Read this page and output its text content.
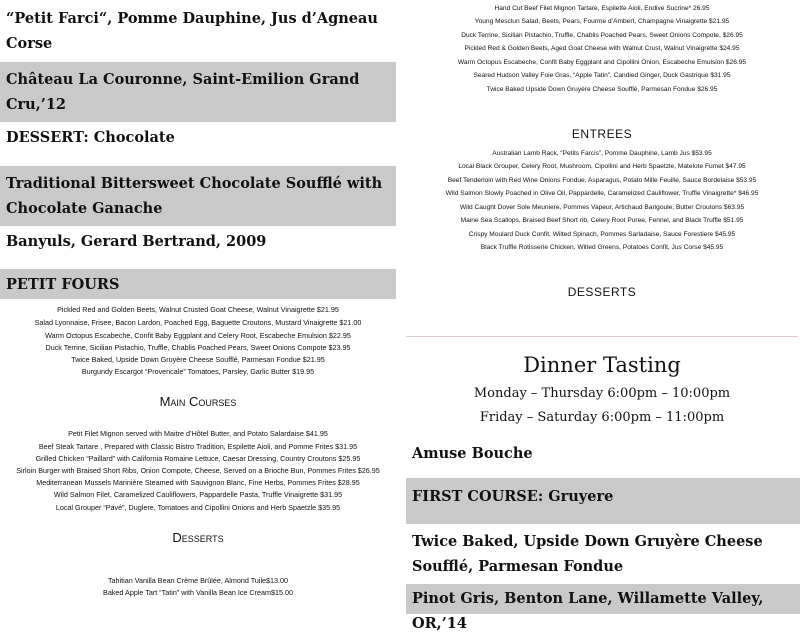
“Petit Farci“, Pomme Dauphine, Jus d’Agneau
Corse
Château La Couronne, Saint-Emilion Grand
Cru,’12
DESSERT: Chocolate
Traditional Bittersweet Chocolate Soufflé with
Chocolate Ganache
Banyuls, Gerard Bertrand, 2009
PETIT FOURS
Pickled Red and Golden Beets, Walnut Crusted Goat Cheese, Walnut Vinaigrette $21.95
Salad Lyonnaise, Frisee, Bacon Lardon, Poached Egg, Baguette Croutons, Mustard Vinaigrette $21.00
Warm Octopus Escabeche, Confit Baby Eggplant and Celery Root, Escabeche Emulsion $22.95
Duck Terrine, Sicilian Pistachio, Truffle, Chablis Poached Pears, Sweet Onions Compote $23.95
Twice Baked, Upside Down Gruyère Cheese Soufflé, Parmesan Fondue $21.95
Burgundy Escargot “Provencale” Tomatoes, Parsley, Garlic Butter $19.95
Main Courses
Petit Filet Mignon served with Maitre d’Hôtel Butter, and Potato Salardaise $41.95
Beef Steak Tartare , Prepared with Classic Bistro Tradition, Espilette Aioli, and Pomme Frites $31.95
Grilled Chicken “Paillard” with California Romaine Lettuce, Caesar Dressing, Country Croutons $25.95
Sirloin Burger with Braised Short Ribs, Onion Compote, Cheese, Served on a Brioche Bun, Pommes Frites $26.95
Mediterranean Mussels Marinière Steamed with Sauvignon Blanc, Fine Herbs, Pommes Frites $28.95
Wild Salmon Filet, Caramelized Cauliflowers, Pappardelle Pasta, Truffle Vinaigrette $31.95
Local Grouper “Pavé”, Duglere, Tomatoes and Cipollini Onions and Herb Spaetzle $35.95
Desserts
Tahitian Vanilla Bean Crème Brûlée, Almond Tuile$13.00
Baked Apple Tart “Tatin” with Vanilla Bean Ice Cream$15.00
Hand Cut Beef Filet Mignon Tartare, Espilette Aioli, Endive Sucrine* 26.95
Young Mesclun Salad, Beets, Pears, Fourme d’Ambert, Champagne Vinaigrette $21.95
Duck Terrine, Sicilian Pistachio, Truffle, Chablis Poached Pears, Sweet Onions Compote, $26.95
Pickled Red & Golden Beets, Aged Goat Cheese with Walnut Crust, Walnut Vinaigrette $24.95
Warm Octopus Escabeche, Confit Baby Eggplant and Cipollini Onion, Escabeche Emulsion $26.95
Seared Hudson Valley Foie Gras, “Apple Tatin”, Candied Ginger, Duck Gastrique $31.95
Twice Baked Upside Down Gruyère Cheese Soufflé, Parmesan Fondue $26.95
ENTREES
Australian Lamb Rack, “Petits Farcis”, Pomme Dauphine, Lamb Jus $53.95
Local Black Grouper, Celery Root, Mushroom, Cipollini and Herb Spaetzle, Matelote Fumet $47.95
Beef Tenderloin with Red Wine Onions Fondue, Asparagus, Potato Mille Feuille, Sauce Bordelaise $53.95
Wild Salmon Slowly Poached in Olive Oil, Pappardelle, Caramelized Cauliflower, Truffle Vinaigrette* $46.95
Wild Caught Dover Sole Meuniere, Pommes Vapeur, Artichaud Barigoule, Butter Croutons $63.95
Maine Sea Scallops, Braised Beef Short rib, Celery Root Puree, Fennel, and Black Truffle $51.95
Crispy Moulard Duck Confit, Wilted Spinach, Pommes Sarladaise, Sauce Forestiere $45.95
Black Truffle Rotisserie Chicken, Wilted Greens, Potatoes Confit, Jus Corse $45.95
DESSERTS
Dinner Tasting
Monday – Thursday 6:00pm – 10:00pm
Friday – Saturday 6:00pm – 11:00pm
Amuse Bouche
FIRST COURSE: Gruyere
Twice Baked, Upside Down Gruyère Cheese
Soufflé, Parmesan Fondue
Pinot Gris, Benton Lane, Willamette Valley, OR,’14
